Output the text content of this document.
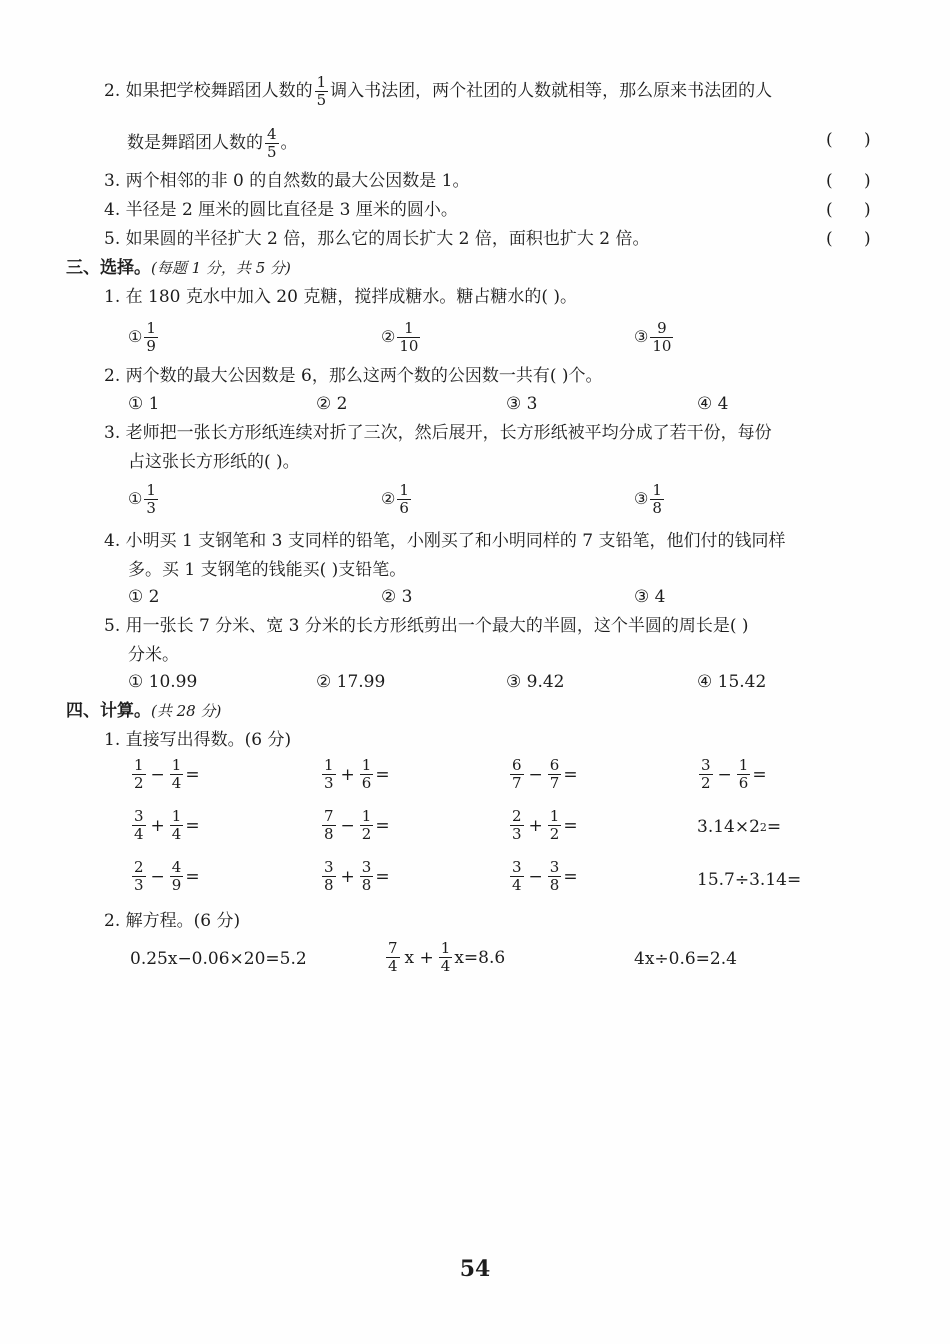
2. 如果把学校舞蹈团人数的 $\frac{1}{5}$ 调入书法团，两个社团的人数就相等，那么原来书法团的人
数是舞蹈团人数的 $\frac{4}{5}$ 。	( )
3. 两个相邻的非 0 的自然数的最大公因数是 1。	( )
4. 半径是 2 厘米的圆比直径是 3 厘米的圆小。	( )
5. 如果圆的半径扩大 2 倍，那么它的周长扩大 2 倍，面积也扩大 2 倍。	( )
三、选择。(每题 1 分，共 5 分)
1. 在 180 克水中加入 20 克糖，搅拌成糖水。糖占糖水的( )。
① $\frac{1}{9}$	② $\frac{1}{10}$	③ $\frac{9}{10}$
2. 两个数的最大公因数是 6，那么这两个数的公因数一共有( )个。
① 1	② 2	③ 3	④ 4
3. 老师把一张长方形纸连续对折了三次，然后展开，长方形纸被平均分成了若干份，每份
占这张长方形纸的( )。
① $\frac{1}{3}$	② $\frac{1}{6}$	③ $\frac{1}{8}$
4. 小明买 1 支钢笔和 3 支同样的铅笔，小刚买了和小明同样的 7 支铅笔，他们付的钱同样
多。买 1 支钢笔的钱能买( )支铅笔。
① 2	② 3	③ 4
5. 用一张长 7 分米、宽 3 分米的长方形纸剪出一个最大的半圆，这个半圆的周长是( )
分米。
① 10.99	② 17.99	③ 9.42	④ 15.42
四、计算。(共 28 分)
1. 直接写出得数。(6 分)
$\frac{1}{2} - \frac{1}{4}$ =	$\frac{1}{3} + \frac{1}{6}$ =	$\frac{6}{7} - \frac{6}{7}$ =	$\frac{3}{2} - \frac{1}{6}$ =
$\frac{3}{4} + \frac{1}{4}$ =	$\frac{7}{8} - \frac{1}{2}$ =	$\frac{2}{3} + \frac{1}{2}$ =	3.14×2 2 =
$\frac{2}{3} - \frac{4}{9}$ =	$\frac{3}{8} + \frac{3}{8}$ =	$\frac{3}{4} - \frac{3}{8}$ =	15.7÷3.14=
2. 解方程。(6 分)
0.25x−0.06×20=5.2	$\frac{7}{4}$ $x + \frac{1}{4} x=8.6$	4x÷0.6=2.4
54
